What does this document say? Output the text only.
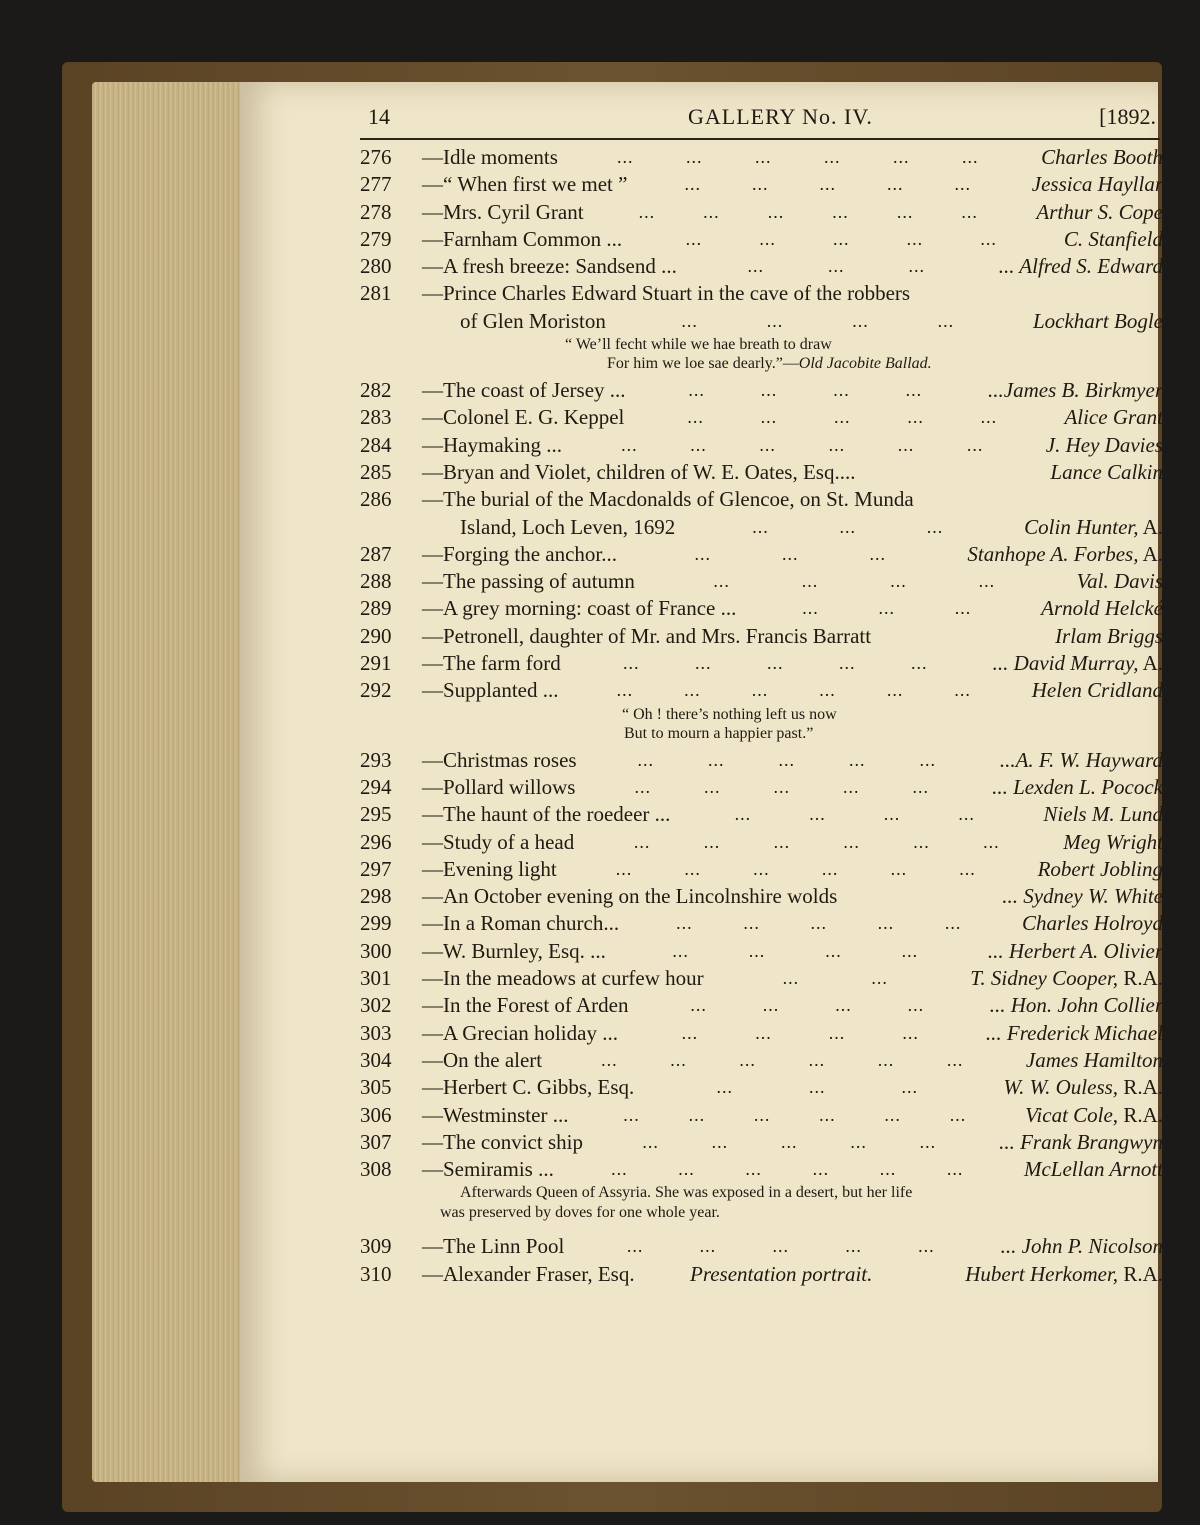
14	GALLERY No. IV.	[1892.
276 —Idle moments	Charles Booth
...	...	...	...	...	...
277 —“ When first we met ”	Jessica Hayllar
...	...	...	...	...
278 —Mrs. Cyril Grant	Arthur S. Cope
...	...	...	...	...	...
279 —Farnham Common ...	C. Stanfield
...	...	...	...	...
280 —A fresh breeze: Sandsend ...	... Alfred S. Edward
...	...	...
281 —Prince Charles Edward Stuart in the cave of the robbers
of Glen Moriston	Lockhart Bogle
...	...	...	...
“ We’ll fecht while we hae breath to draw
For him we loe sae dearly.”—Old Jacobite Ballad.
282 —The coast of Jersey ...	...James B. Birkmyer
...	...	...	...
283 —Colonel E. G. Keppel	Alice Grant
...	...	...	...	...
284 —Haymaking ...	J. Hey Davies
...	...	...	...	...	...
285 —Bryan and Violet, children of W. E. Oates, Esq....	Lance Calkin
286 —The burial of the Macdonalds of Glencoe, on St. Munda
Island, Loch Leven, 1692	Colin Hunter, A.
...	...	...
287 —Forging the anchor...	Stanhope A. Forbes, A.
...	...	...
288 —The passing of autumn	Val. Davis
...	...	...	...
289 —A grey morning: coast of France ...	Arnold Helcké
...	...	...
290 —Petronell, daughter of Mr. and Mrs. Francis Barratt	Irlam Briggs
291 —The farm ford	... David Murray, A.
...	...	...	...	...
292 —Supplanted ...	Helen Cridland
...	...	...	...	...	...
“ Oh ! there’s nothing left us now
But to mourn a happier past.”
293 —Christmas roses	...A. F. W. Hayward
...	...	...	...	...
294 —Pollard willows	... Lexden L. Pocock
...	...	...	...	...
295 —The haunt of the roedeer ...	Niels M. Lund
...	...	...	...
296 —Study of a head	Meg Wright
...	...	...	...	...	...
297 —Evening light	Robert Jobling
...	...	...	...	...	...
298 —An October evening on the Lincolnshire wolds	... Sydney W. White
299 —In a Roman church...	Charles Holroyd
...	...	...	...	...
300 —W. Burnley, Esq. ...	... Herbert A. Olivier
...	...	...	...
301 —In the meadows at curfew hour	T. Sidney Cooper, R.A.
...	...
302 —In the Forest of Arden	... Hon. John Collier
...	...	...	...
303 —A Grecian holiday ...	... Frederick Michael
...	...	...	...
304 —On the alert	James Hamilton
...	...	...	...	...	...
305 —Herbert C. Gibbs, Esq.	W. W. Ouless, R.A.
...	...	...
306 —Westminster ...	Vicat Cole, R.A.
...	...	...	...	...	...
307 —The convict ship	... Frank Brangwyn
...	...	...	...	...
308 —Semiramis ...	McLellan Arnott
...	...	...	...	...	...
Afterwards Queen of Assyria. She was exposed in a desert, but her life
was preserved by doves for one whole year.
309 —The Linn Pool	... John P. Nicolson
...	...	...	...	...
310 —Alexander Fraser, Esq.	Presentation portrait.	Hubert Herkomer, R.A.
